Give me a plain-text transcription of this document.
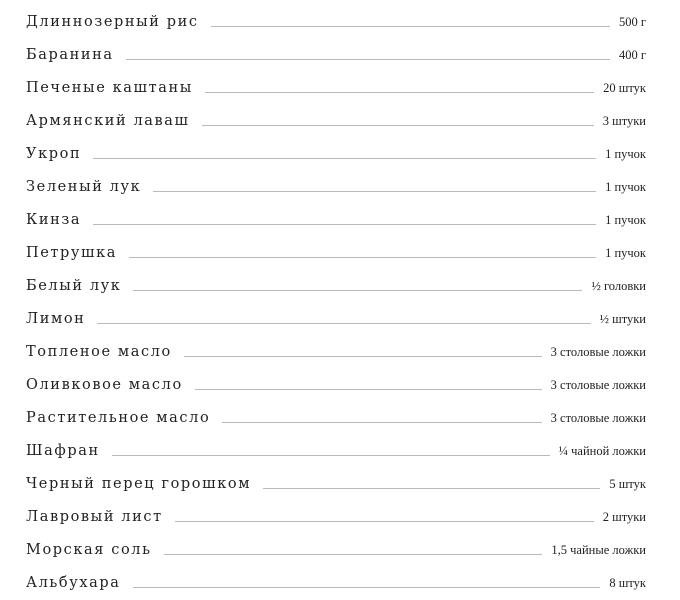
Длиннозерный рис	500 г
Баранина	400 г
Печеные каштаны	20 штук
Армянский лаваш	3 штуки
Укроп	1 пучок
Зеленый лук	1 пучок
Кинза	1 пучок
Петрушка	1 пучок
Белый лук	½ головки
Лимон	½ штуки
Топленое масло	3 столовые ложки
Оливковое масло	3 столовые ложки
Растительное масло	3 столовые ложки
Шафран	¼ чайной ложки
Черный перец горошком	5 штук
Лавровый лист	2 штуки
Морская соль	1,5 чайные ложки
Альбухара	8 штук
